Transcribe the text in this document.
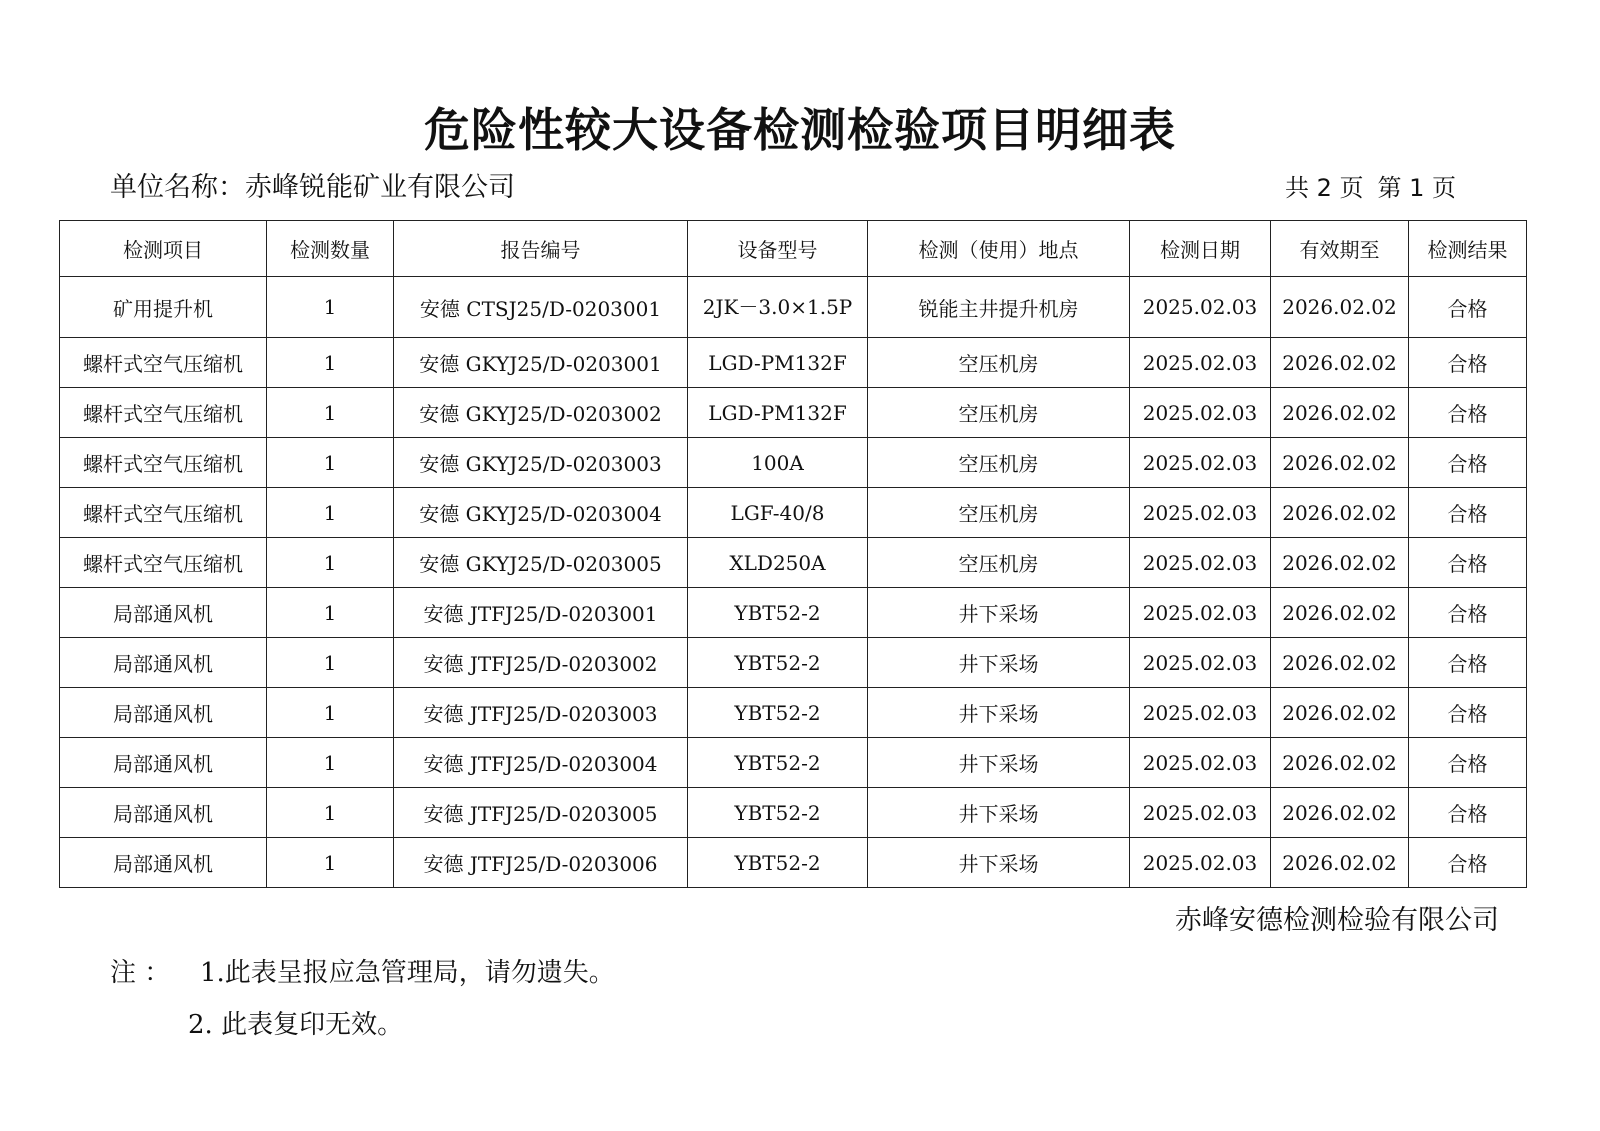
危险性较大设备检测检验项目明细表
单位名称：赤峰锐能矿业有限公司	共 2 页 第 1 页
检测项目	检测数量	报告编号	设备型号	检测（使用）地点	检测日期	有效期至	检测结果
矿用提升机	1	安德 CTSJ25/D-0203001	2JK－3.0×1.5P	锐能主井提升机房	2025.02.03	2026.02.02	合格
螺杆式空气压缩机	1	安德 GKYJ25/D-0203001	LGD-PM132F	空压机房	2025.02.03	2026.02.02	合格
螺杆式空气压缩机	1	安德 GKYJ25/D-0203002	LGD-PM132F	空压机房	2025.02.03	2026.02.02	合格
螺杆式空气压缩机	1	安德 GKYJ25/D-0203003	100A	空压机房	2025.02.03	2026.02.02	合格
螺杆式空气压缩机	1	安德 GKYJ25/D-0203004	LGF-40/8	空压机房	2025.02.03	2026.02.02	合格
螺杆式空气压缩机	1	安德 GKYJ25/D-0203005	XLD250A	空压机房	2025.02.03	2026.02.02	合格
局部通风机	1	安德 JTFJ25/D-0203001	YBT52-2	井下采场	2025.02.03	2026.02.02	合格
局部通风机	1	安德 JTFJ25/D-0203002	YBT52-2	井下采场	2025.02.03	2026.02.02	合格
局部通风机	1	安德 JTFJ25/D-0203003	YBT52-2	井下采场	2025.02.03	2026.02.02	合格
局部通风机	1	安德 JTFJ25/D-0203004	YBT52-2	井下采场	2025.02.03	2026.02.02	合格
局部通风机	1	安德 JTFJ25/D-0203005	YBT52-2	井下采场	2025.02.03	2026.02.02	合格
局部通风机	1	安德 JTFJ25/D-0203006	YBT52-2	井下采场	2025.02.03	2026.02.02	合格
赤峰安德检测检验有限公司
注 ： 1.此表呈报应急管理局，请勿遗失。
2. 此表复印无效。
